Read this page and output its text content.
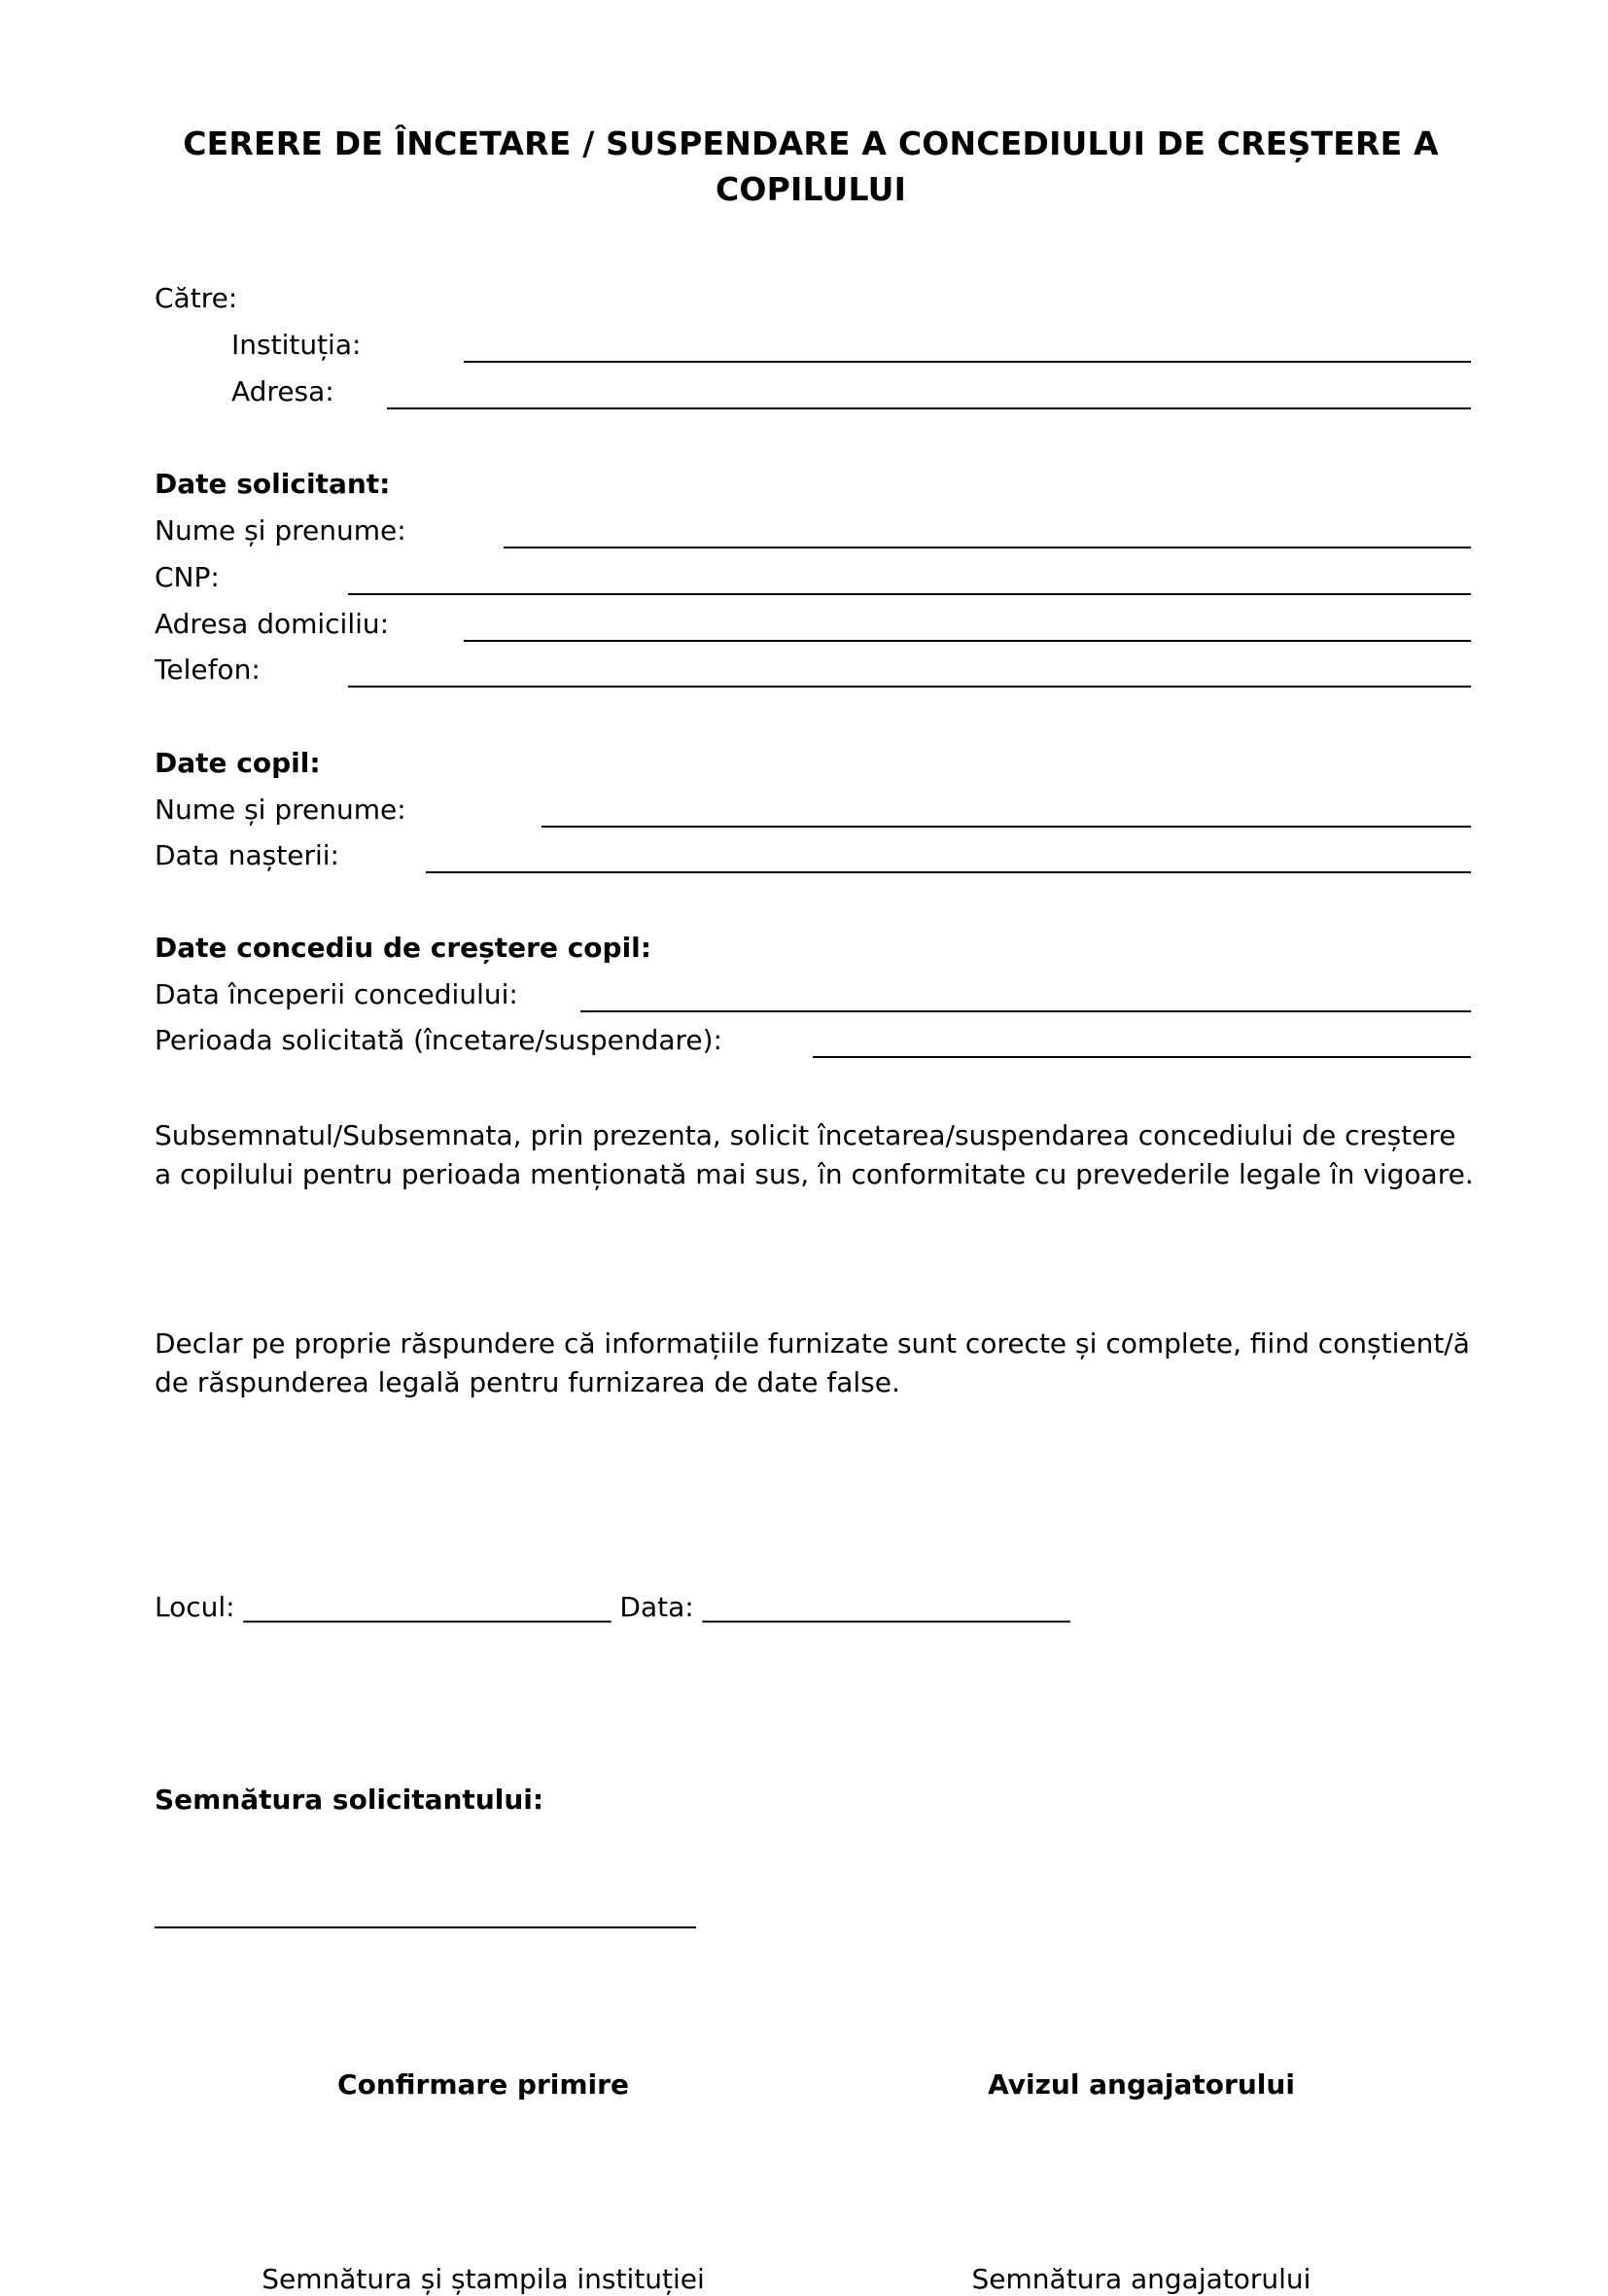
CERERE DE ÎNCETARE / SUSPENDARE A CONCEDIULUI DE CREȘTERE A COPILULUI
Către:
Instituția:
Adresa:
Date solicitant:
Nume și prenume:
CNP:
Adresa domiciliu:
Telefon:
Date copil:
Nume și prenume:
Data nașterii:
Date concediu de creștere copil:
Data începerii concediului:
Perioada solicitată (încetare/suspendare):
Subsemnatul/Subsemnata, prin prezenta, solicit încetarea/suspendarea concediului de creștere a copilului pentru perioada menționată mai sus, în conformitate cu prevederile legale în vigoare.
Declar pe proprie răspundere că informațiile furnizate sunt corecte și complete, fiind conștient/ă de răspunderea legală pentru furnizarea de date false.
Locul: ___________________________ Data: ___________________________
Semnătura solicitantului:
Confirmare primire	Avizul angajatorului
Semnătura și ștampila instituției	Semnătura angajatorului
